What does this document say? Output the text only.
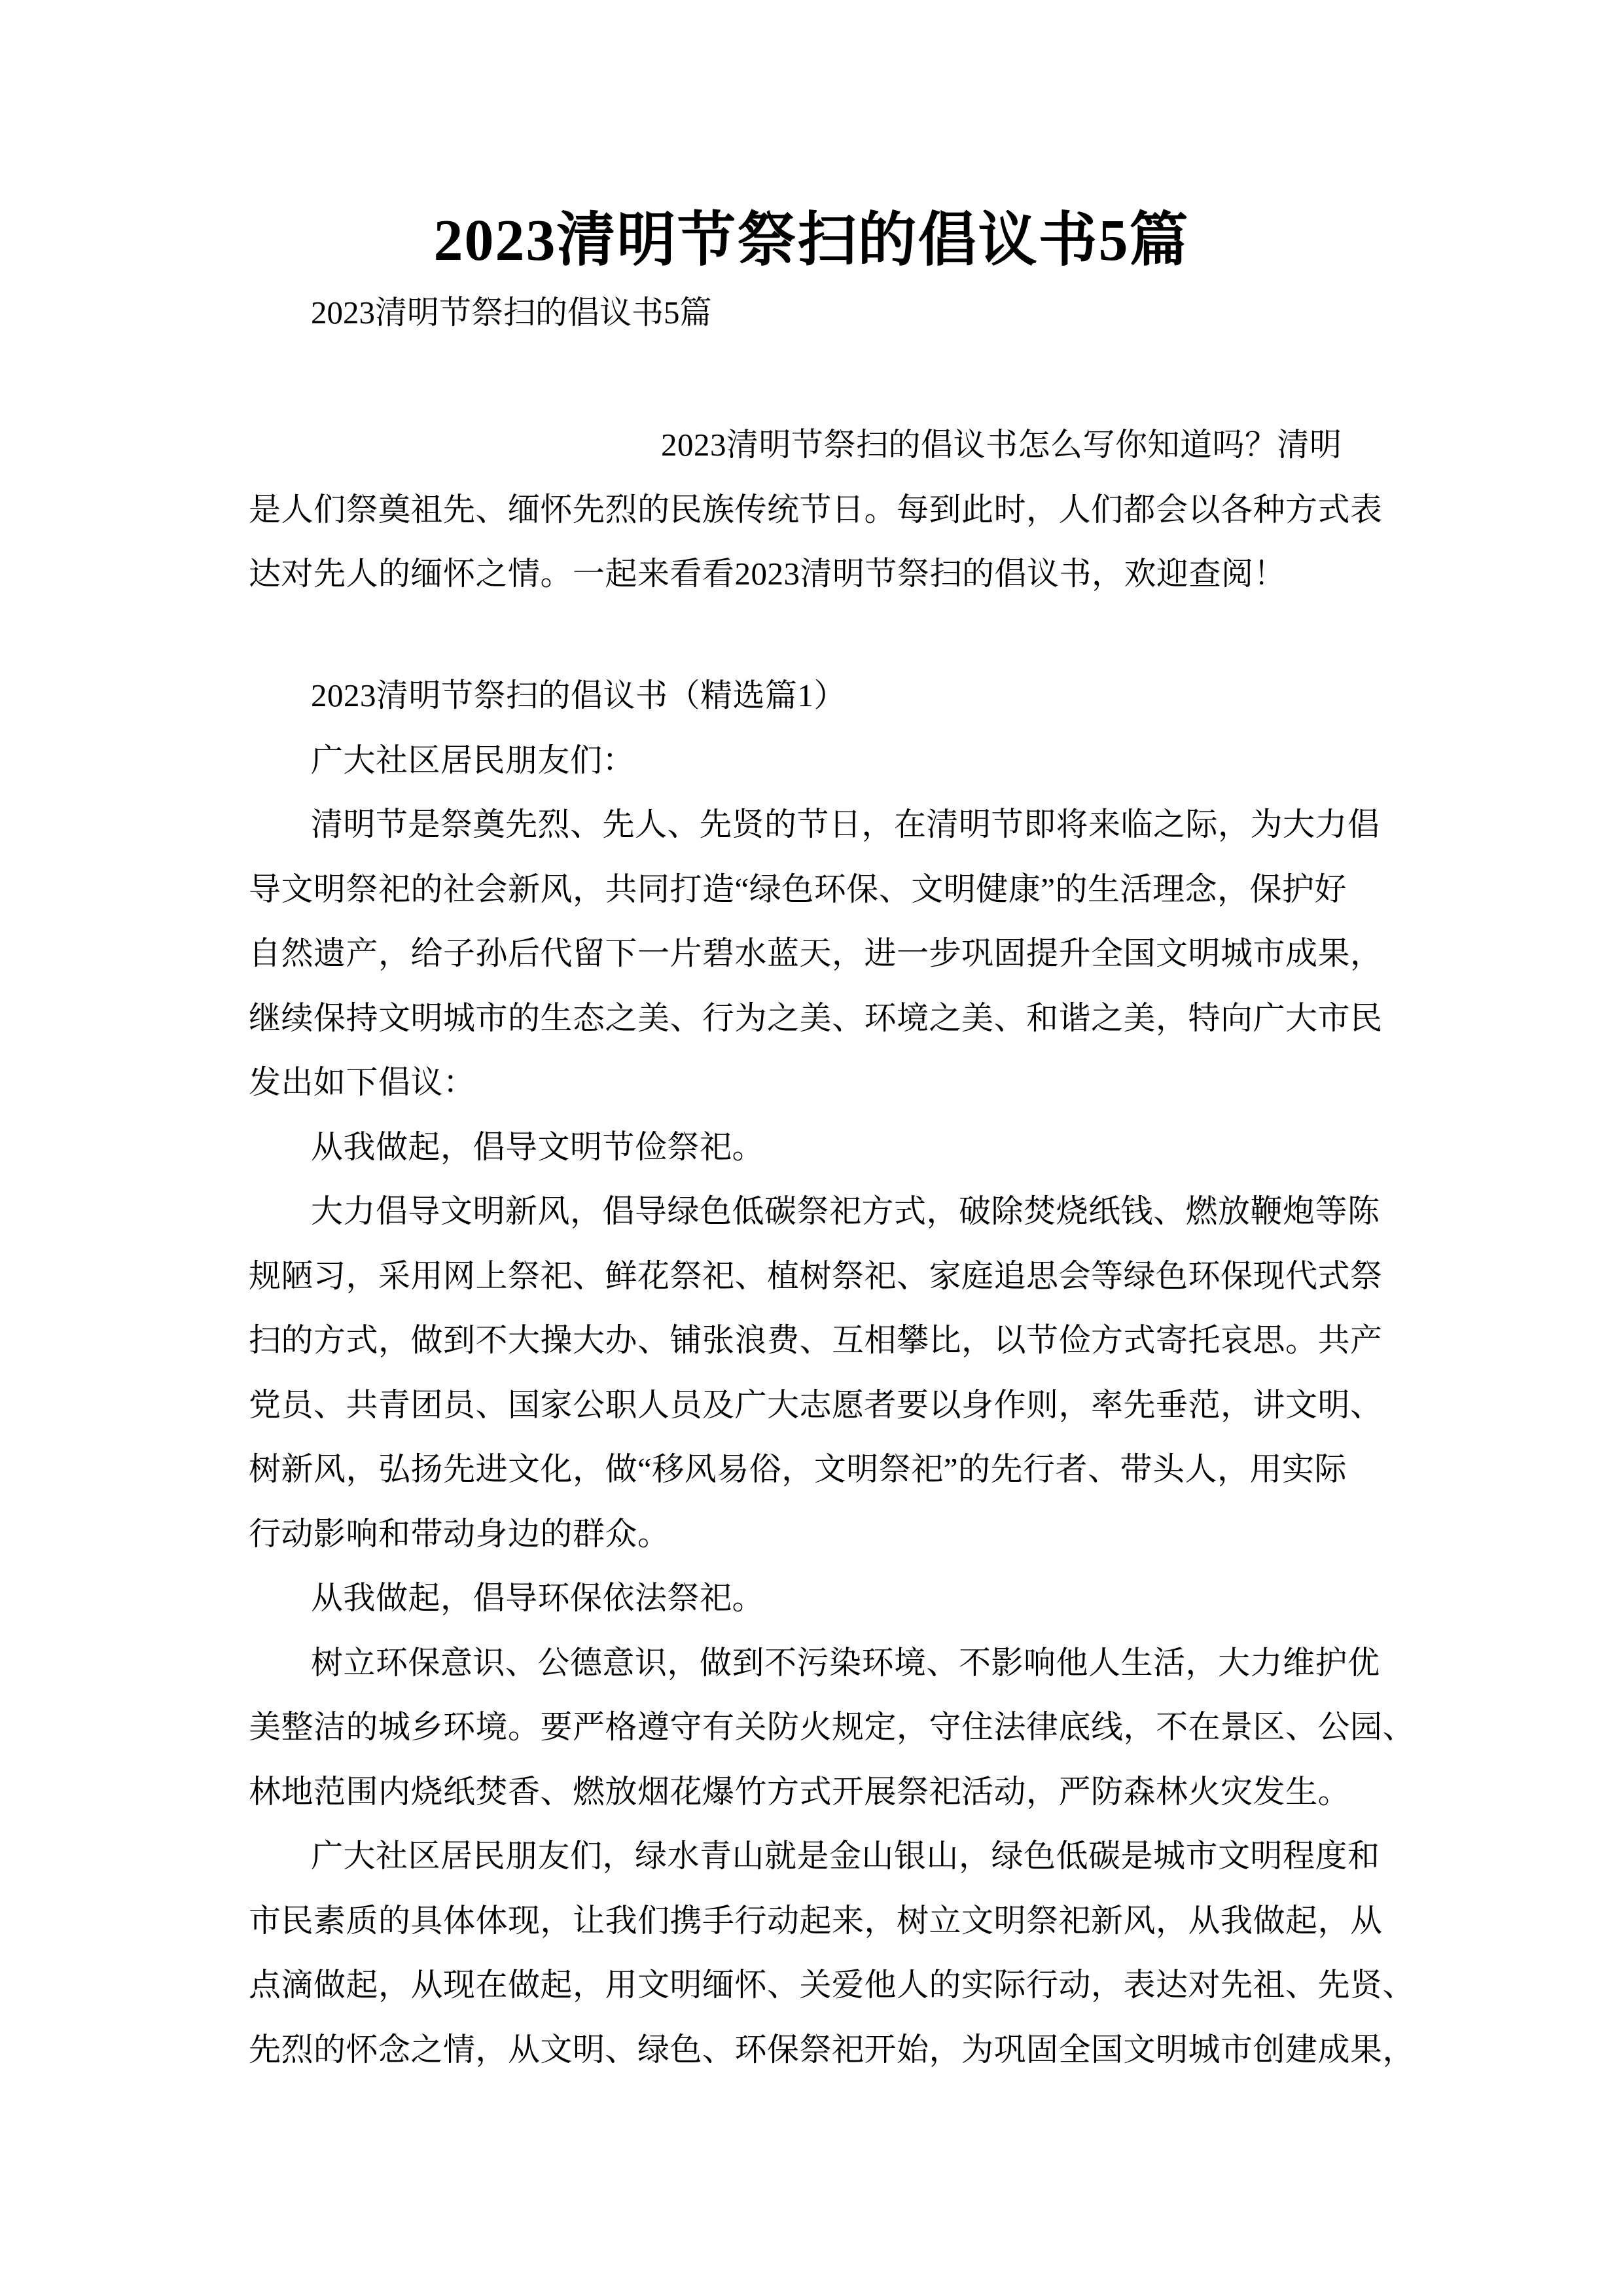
2023清明节祭扫的倡议书5篇
2023清明节祭扫的倡议书5篇
2023清明节祭扫的倡议书怎么写你知道吗？清明
是人们祭奠祖先、缅怀先烈的民族传统节日。每到此时，人们都会以各种方式表
达对先人的缅怀之情。一起来看看2023清明节祭扫的倡议书，欢迎查阅！
2023清明节祭扫的倡议书（精选篇1）
广大社区居民朋友们：
清明节是祭奠先烈、先人、先贤的节日，在清明节即将来临之际，为大力倡
导文明祭祀的社会新风，共同打造“绿色环保、文明健康”的生活理念，保护好
自然遗产，给子孙后代留下一片碧水蓝天，进一步巩固提升全国文明城市成果，
继续保持文明城市的生态之美、行为之美、环境之美、和谐之美，特向广大市民
发出如下倡议：
从我做起，倡导文明节俭祭祀。
大力倡导文明新风，倡导绿色低碳祭祀方式，破除焚烧纸钱、燃放鞭炮等陈
规陋习，采用网上祭祀、鲜花祭祀、植树祭祀、家庭追思会等绿色环保现代式祭
扫的方式，做到不大操大办、铺张浪费、互相攀比，以节俭方式寄托哀思。共产
党员、共青团员、国家公职人员及广大志愿者要以身作则，率先垂范，讲文明、
树新风，弘扬先进文化，做“移风易俗，文明祭祀”的先行者、带头人，用实际
行动影响和带动身边的群众。
从我做起，倡导环保依法祭祀。
树立环保意识、公德意识，做到不污染环境、不影响他人生活，大力维护优
美整洁的城乡环境。要严格遵守有关防火规定，守住法律底线，不在景区、公园、
林地范围内烧纸焚香、燃放烟花爆竹方式开展祭祀活动，严防森林火灾发生。
广大社区居民朋友们，绿水青山就是金山银山，绿色低碳是城市文明程度和
市民素质的具体体现，让我们携手行动起来，树立文明祭祀新风，从我做起，从
点滴做起，从现在做起，用文明缅怀、关爱他人的实际行动，表达对先祖、先贤、
先烈的怀念之情，从文明、绿色、环保祭祀开始，为巩固全国文明城市创建成果，
